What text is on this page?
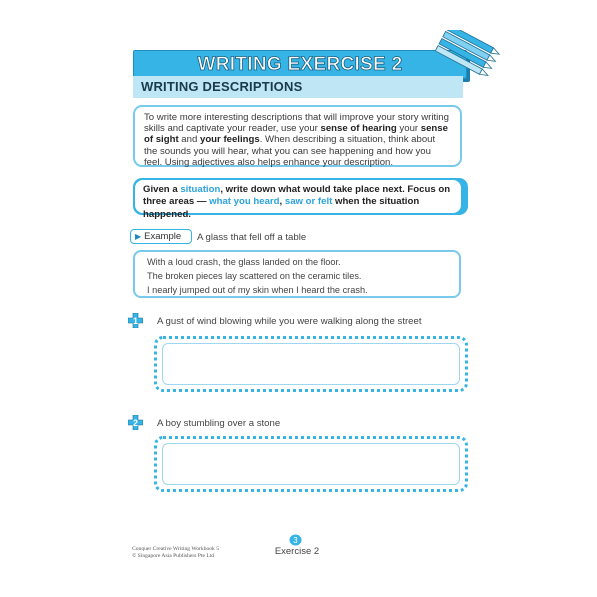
WRITING EXERCISE 2
WRITING DESCRIPTIONS
To write more interesting descriptions that will improve your story writing skills and captivate your reader, use your sense of hearing your sense of sight and your feelings. When describing a situation, think about the sounds you will hear, what you can see happening and how you feel. Using adjectives also helps enhance your description.
Given a situation, write down what would take place next. Focus on three areas — what you heard, saw or felt when the situation happened.
▶ Example	A glass that fell off a table
With a loud crash, the glass landed on the floor.
The broken pieces lay scattered on the ceramic tiles.
I nearly jumped out of my skin when I heard the crash.
1 A gust of wind blowing while you were walking along the street
2 A boy stumbling over a stone
Conquer Creative Writing Workbook 5
© Singapore Asia Publishers Pte Ltd
3
Exercise 2
